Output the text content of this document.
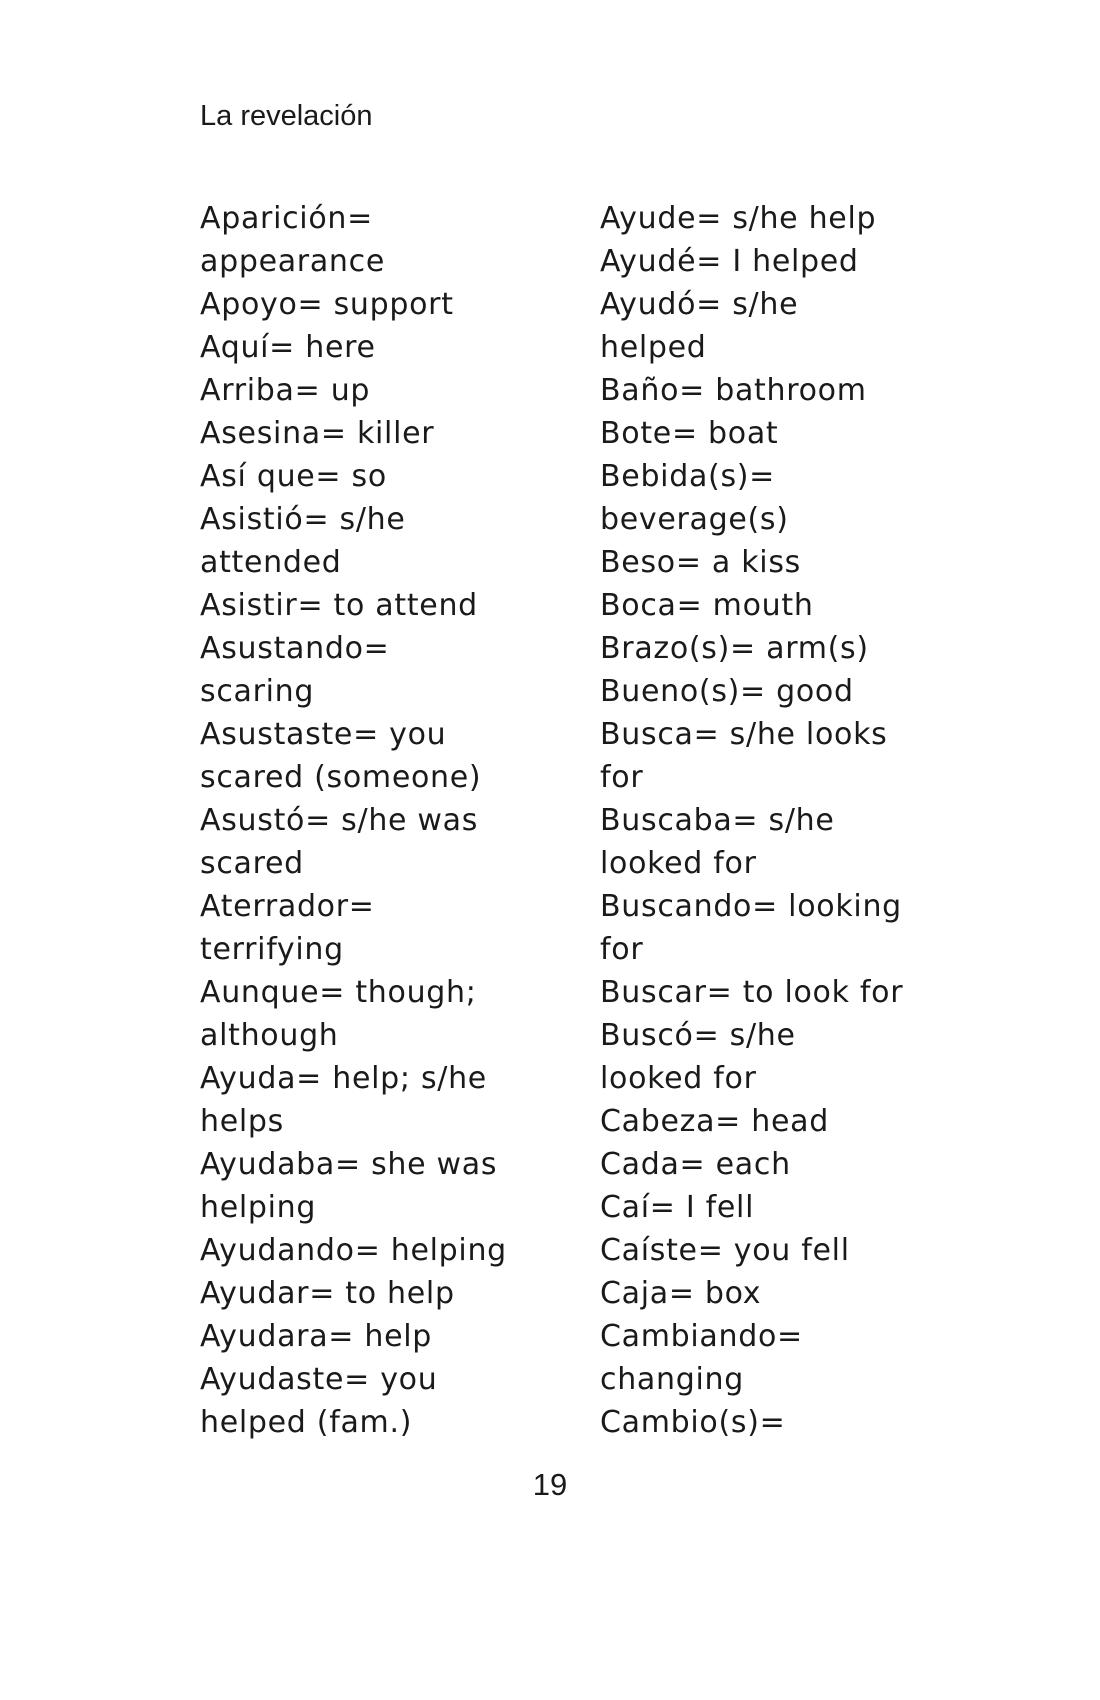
La revelación
Aparición=
appearance
Apoyo= support
Aquí= here
Arriba= up
Asesina= killer
Así que= so
Asistió= s/he
attended
Asistir= to attend
Asustando=
scaring
Asustaste= you
scared (someone)
Asustó= s/he was
scared
Aterrador=
terrifying
Aunque= though;
although
Ayuda= help; s/he
helps
Ayudaba= she was
helping
Ayudando= helping
Ayudar= to help
Ayudara= help
Ayudaste= you
helped (fam.)
Ayude= s/he help
Ayudé= I helped
Ayudó= s/he
helped
Baño= bathroom
Bote= boat
Bebida(s)=
beverage(s)
Beso= a kiss
Boca= mouth
Brazo(s)= arm(s)
Bueno(s)= good
Busca= s/he looks
for
Buscaba= s/he
looked for
Buscando= looking
for
Buscar= to look for
Buscó= s/he
looked for
Cabeza= head
Cada= each
Caí= I fell
Caíste= you fell
Caja= box
Cambiando=
changing
Cambio(s)=
19
